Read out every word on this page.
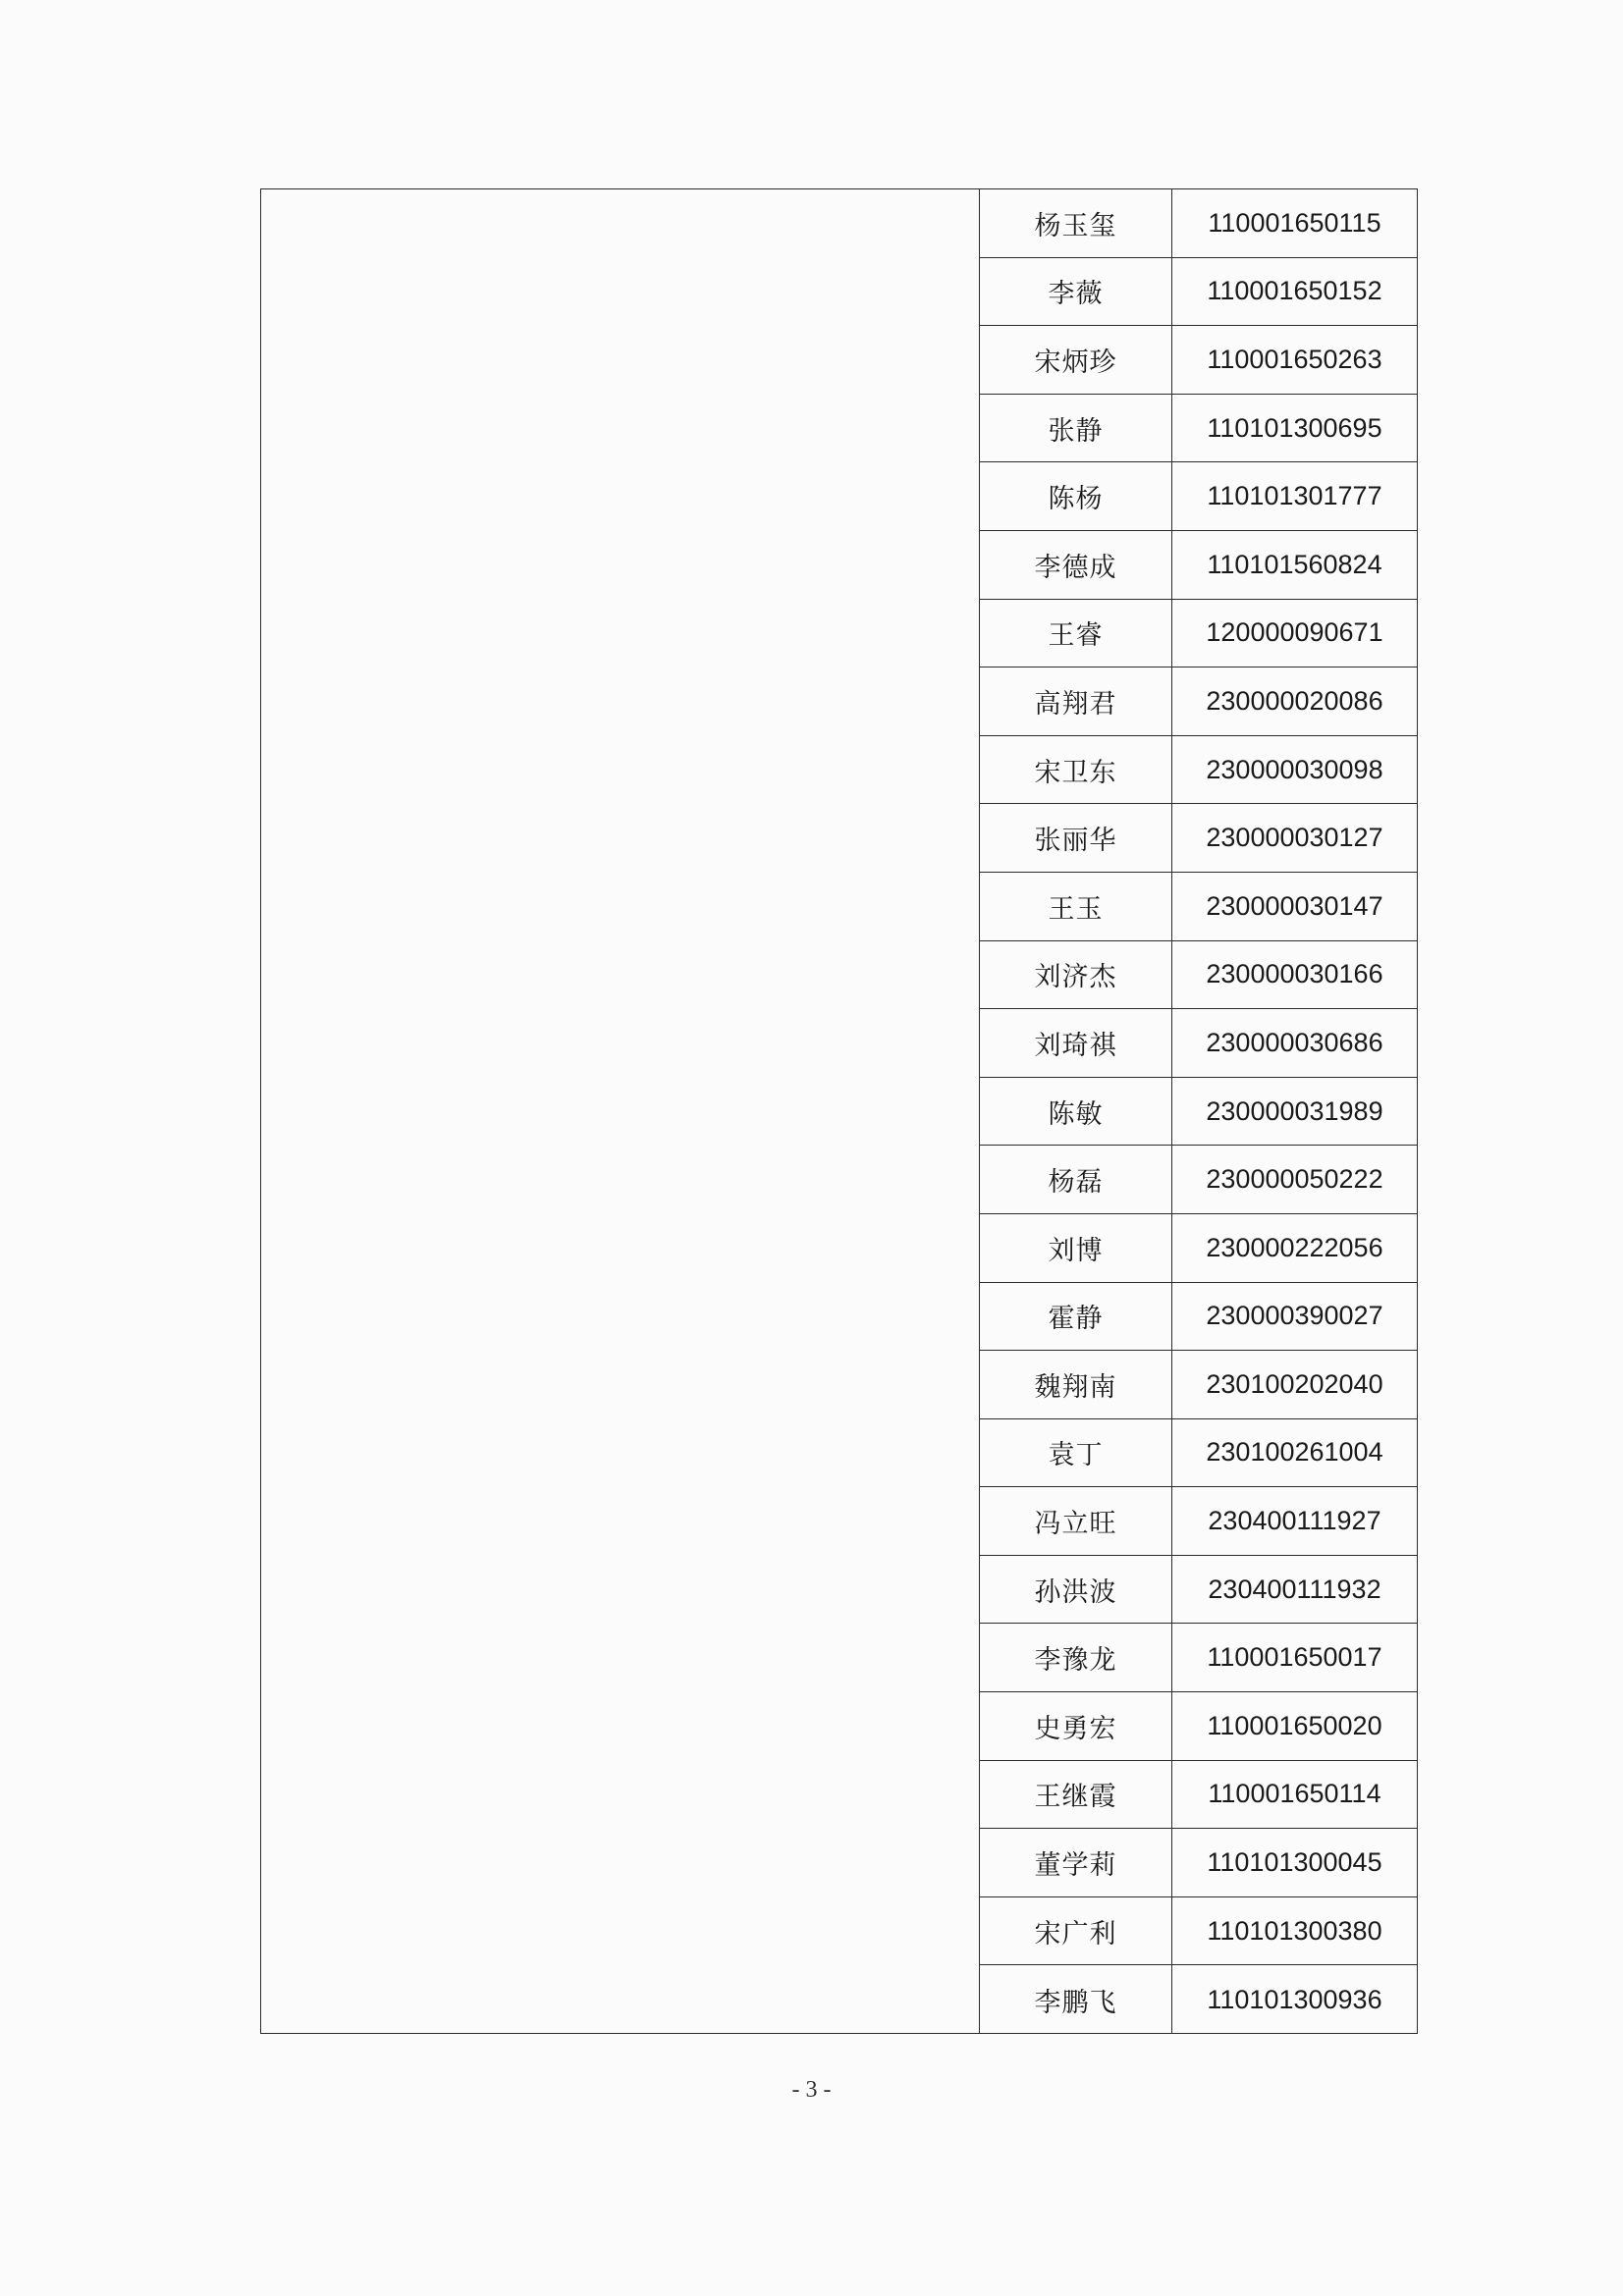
杨玉玺	110001650115
李薇	110001650152
宋炳珍	110001650263
张静	110101300695
陈杨	110101301777
李德成	110101560824
王睿	120000090671
高翔君	230000020086
宋卫东	230000030098
张丽华	230000030127
王玉	230000030147
刘济杰	230000030166
刘琦祺	230000030686
陈敏	230000031989
杨磊	230000050222
刘博	230000222056
霍静	230000390027
魏翔南	230100202040
袁丁	230100261004
冯立旺	230400111927
孙洪波	230400111932
李豫龙	110001650017
史勇宏	110001650020
王继霞	110001650114
董学莉	110101300045
宋广利	110101300380
李鹏飞	110101300936
- 3 -
